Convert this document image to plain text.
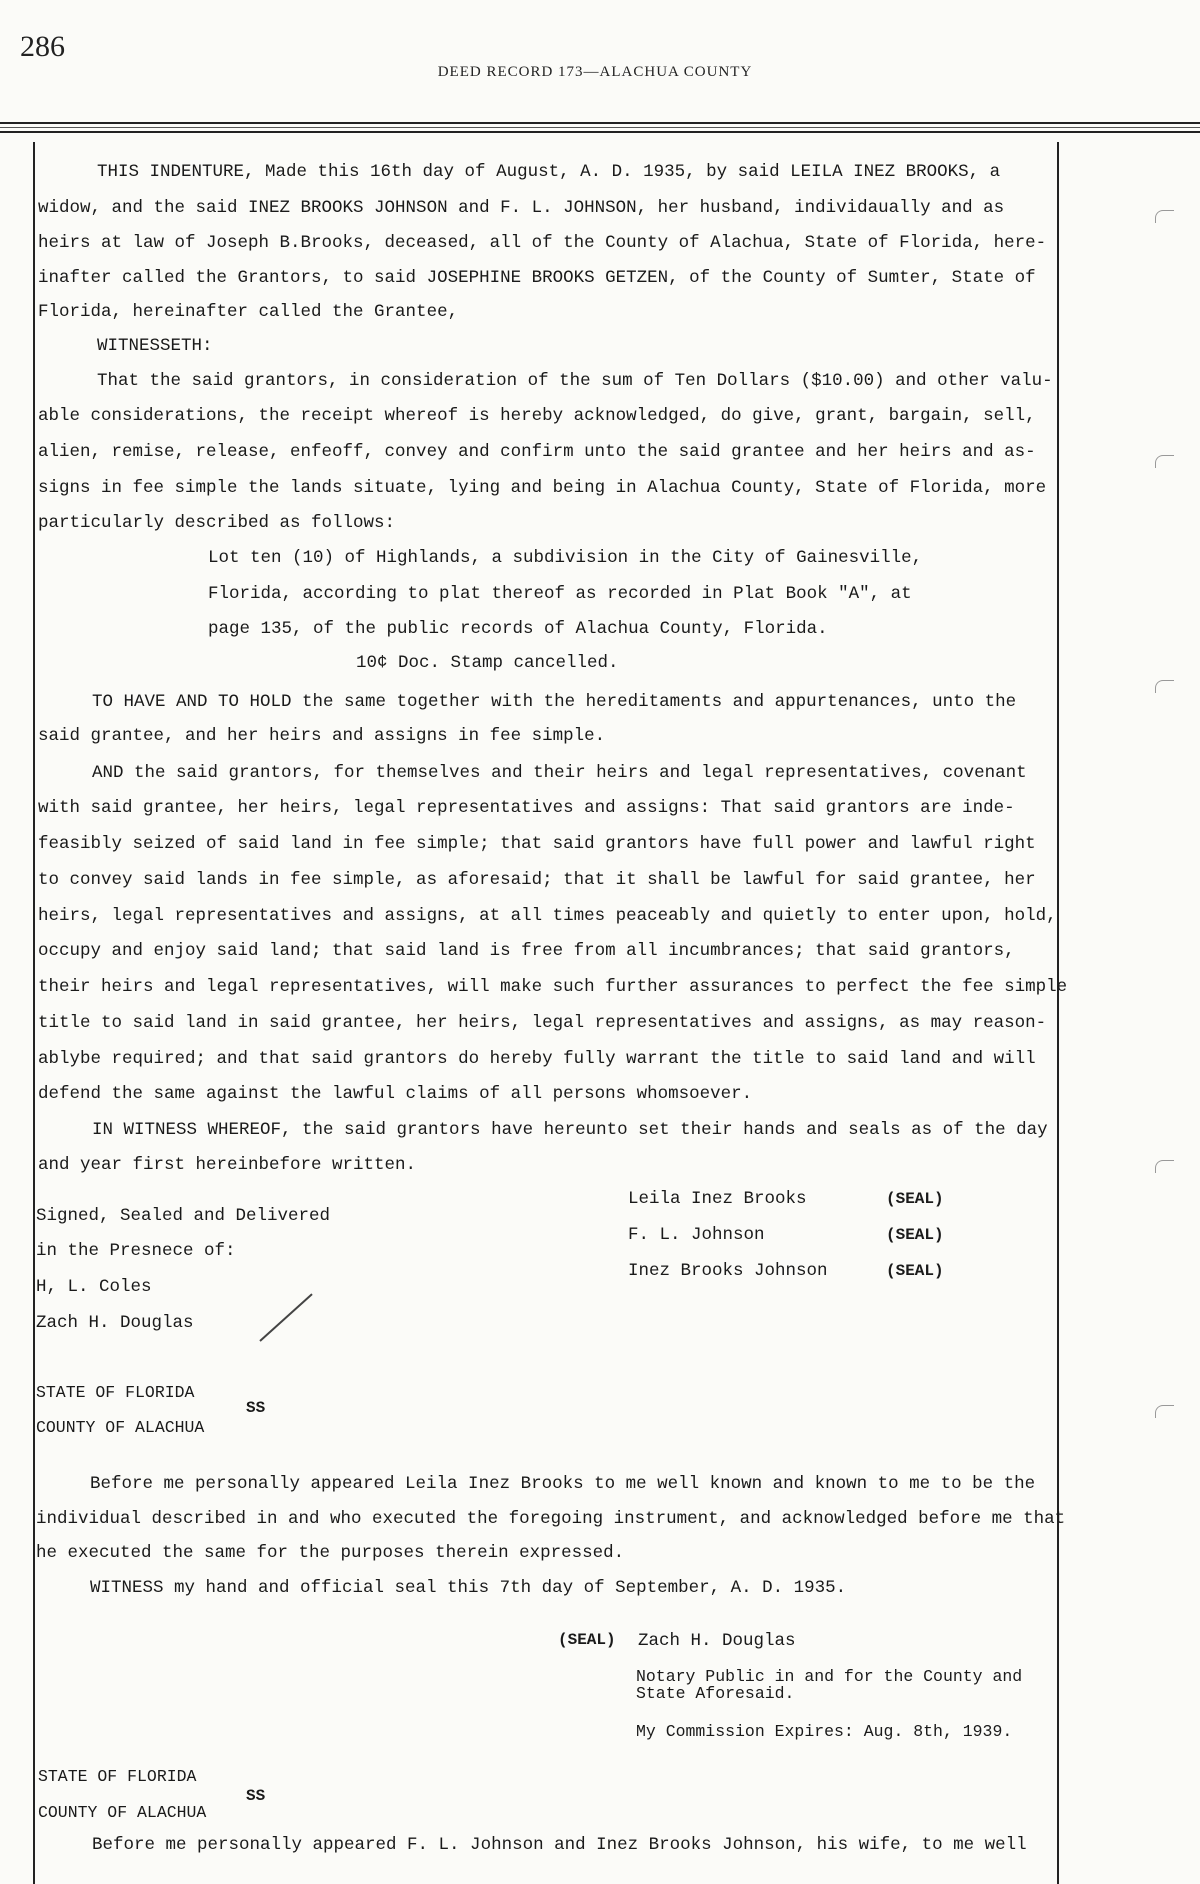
286
DEED RECORD 173—ALACHUA COUNTY
THIS INDENTURE, Made this 16th day of August, A. D. 1935, by said LEILA INEZ BROOKS, a
widow, and the said INEZ BROOKS JOHNSON and F. L. JOHNSON, her husband, individaually and as
heirs at law of Joseph B.Brooks, deceased, all of the County of Alachua, State of Florida, here-
inafter called the Grantors, to said JOSEPHINE BROOKS GETZEN, of the County of Sumter, State of
Florida, hereinafter called the Grantee,
WITNESSETH:
That the said grantors, in consideration of the sum of Ten Dollars ($10.00) and other valu-
able considerations, the receipt whereof is hereby acknowledged, do give, grant, bargain, sell,
alien, remise, release, enfeoff, convey and confirm unto the said grantee and her heirs and as-
signs in fee simple the lands situate, lying and being in Alachua County, State of Florida, more
particularly described as follows:
Lot ten (10) of Highlands, a subdivision in the City of Gainesville,
Florida, according to plat thereof as recorded in Plat Book "A", at
page 135, of the public records of Alachua County, Florida.
10¢ Doc. Stamp cancelled.
TO HAVE AND TO HOLD the same together with the hereditaments and appurtenances, unto the
said grantee, and her heirs and assigns in fee simple.
AND the said grantors, for themselves and their heirs and legal representatives, covenant
with said grantee, her heirs, legal representatives and assigns: That said grantors are inde-
feasibly seized of said land in fee simple; that said grantors have full power and lawful right
to convey said lands in fee simple, as aforesaid; that it shall be lawful for said grantee, her
heirs, legal representatives and assigns, at all times peaceably and quietly to enter upon, hold,
occupy and enjoy said land; that said land is free from all incumbrances; that said grantors,
their heirs and legal representatives, will make such further assurances to perfect the fee simple
title to said land in said grantee, her heirs, legal representatives and assigns, as may reason-
ablybe required; and that said grantors do hereby fully warrant the title to said land and will
defend the same against the lawful claims of all persons whomsoever.
IN WITNESS WHEREOF, the said grantors have hereunto set their hands and seals as of the day
and year first hereinbefore written.
Leila Inez Brooks	(SEAL)
F. L. Johnson	(SEAL)
Inez Brooks Johnson	(SEAL)
Signed, Sealed and Delivered
in the Presnece of:
H, L. Coles
Zach H. Douglas
STATE OF FLORIDA
COUNTY OF ALACHUA
SS
Before me personally appeared Leila Inez Brooks to me well known and known to me to be the
individual described in and who executed the foregoing instrument, and acknowledged before me that
he executed the same for the purposes therein expressed.
WITNESS my hand and official seal this 7th day of September, A. D. 1935.
(SEAL) Zach H. Douglas
Notary Public in and for the County and
State Aforesaid.
My Commission Expires: Aug. 8th, 1939.
STATE OF FLORIDA
COUNTY OF ALACHUA
SS
Before me personally appeared F. L. Johnson and Inez Brooks Johnson, his wife, to me well
